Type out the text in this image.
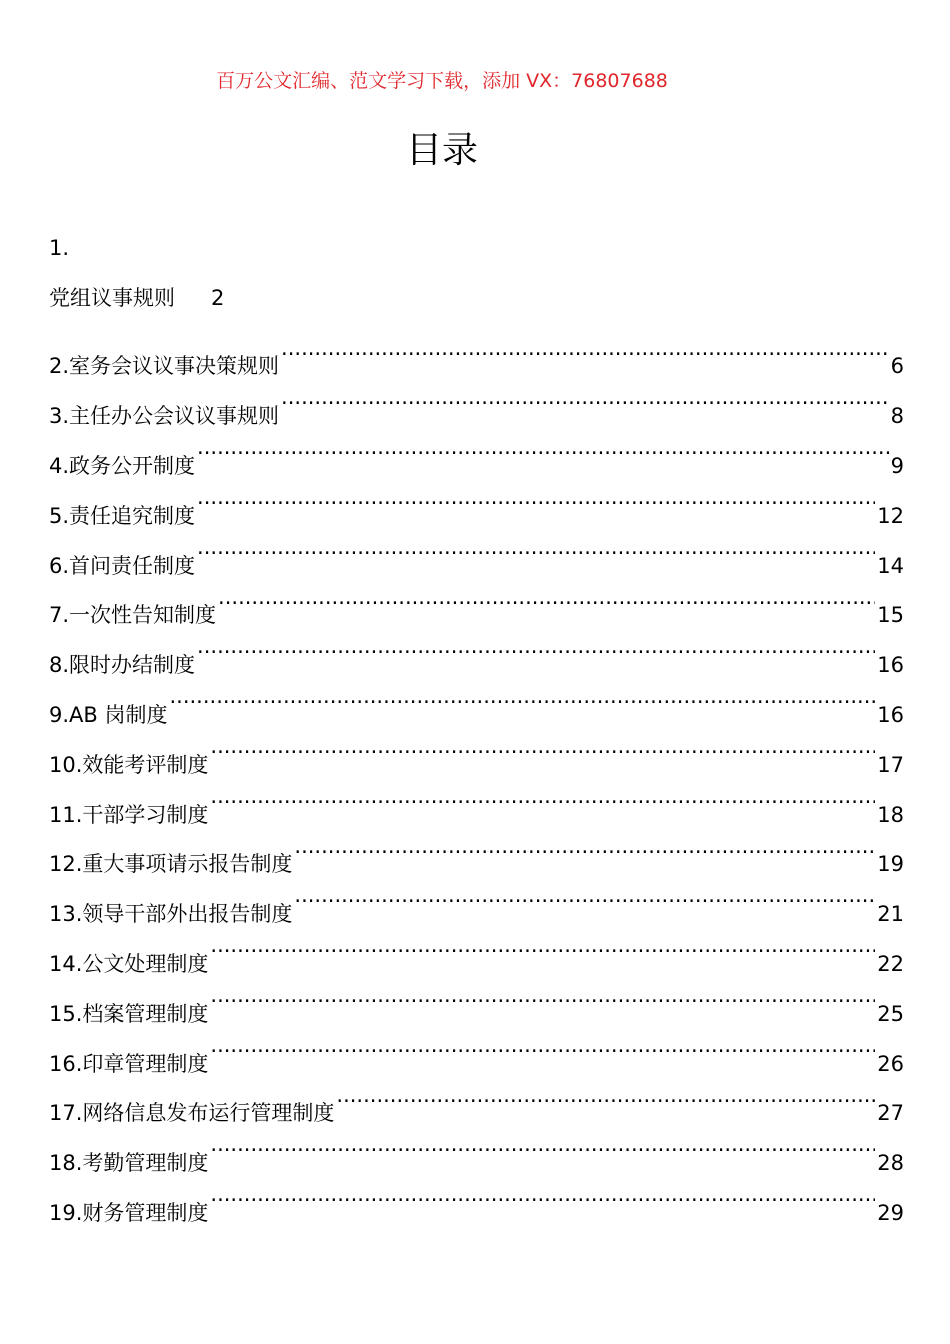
百万公文汇编、范文学习下载，添加 VX：76807688
目录
1.
党组议事规则 2
2.室务会议议事决策规则 .....	6
3.主任办公会议议事规则 .....	8
4.政务公开制度 .....	9
5.责任追究制度 .....	12
6.首问责任制度 .....	14
7.一次性告知制度 .....	15
8.限时办结制度 .....	16
9.AB 岗制度 .....	16
10.效能考评制度 .....	17
11.干部学习制度 .....	18
12.重大事项请示报告制度 .....	19
13.领导干部外出报告制度 .....	21
14.公文处理制度 .....	22
15.档案管理制度 .....	25
16.印章管理制度 .....	26
17.网络信息发布运行管理制度 .....	27
18.考勤管理制度 .....	28
19.财务管理制度 .....	29
